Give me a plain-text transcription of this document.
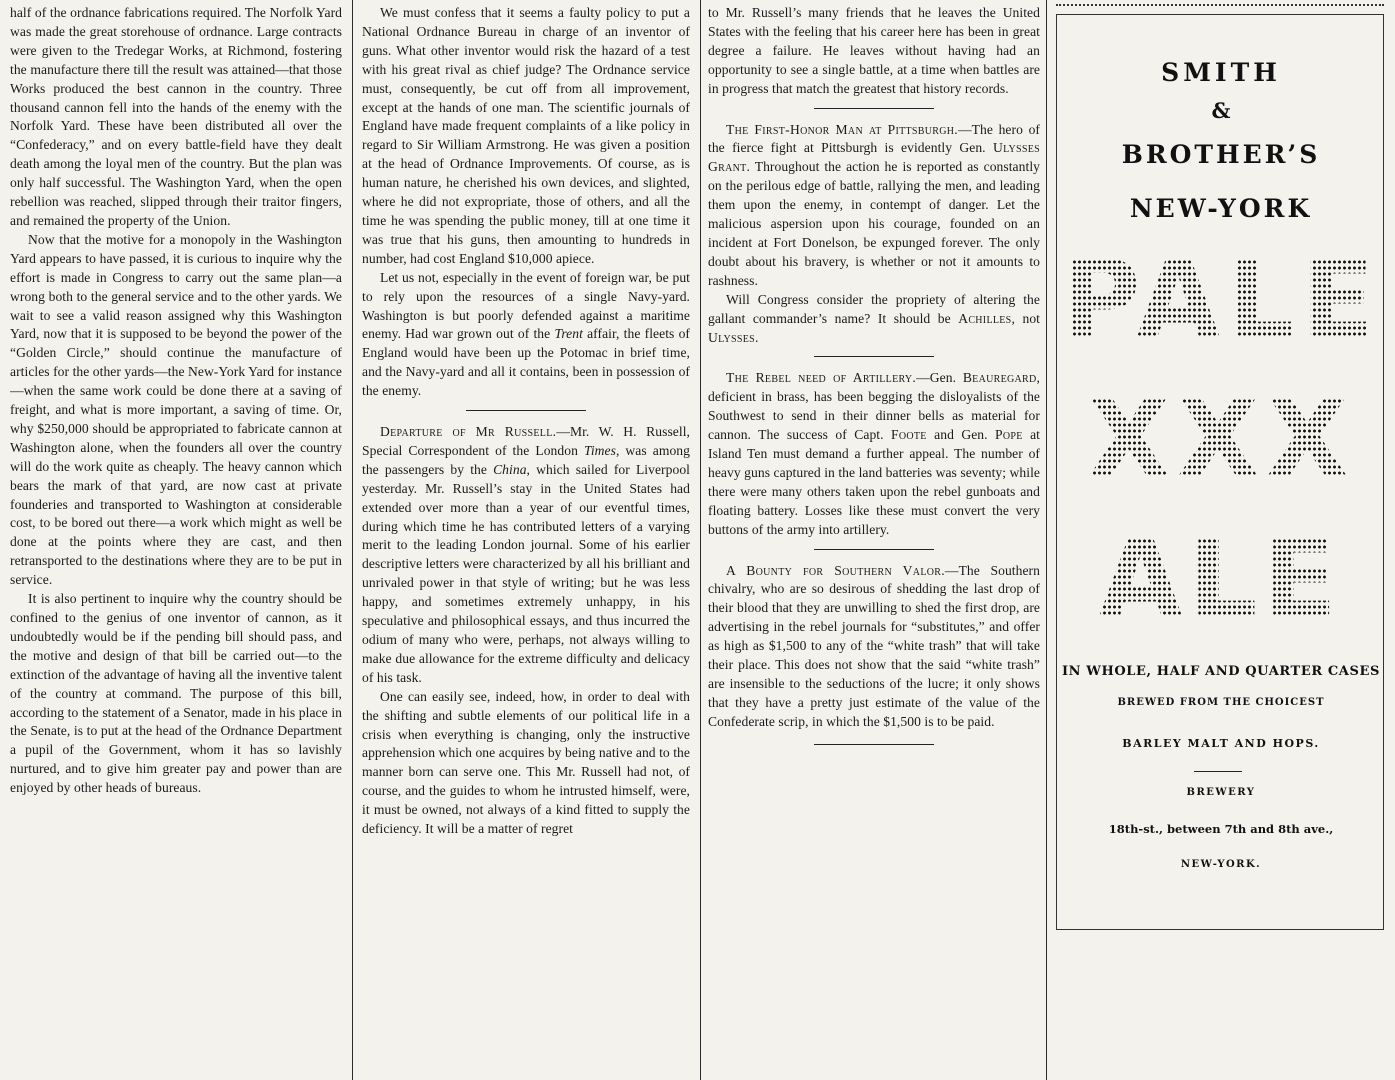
half of the ordnance fabrications required. The Norfolk Yard was made the great storehouse of ordnance. Large contracts were given to the Tredegar Works, at Richmond, fostering the manufacture there till the result was attained—that those Works produced the best cannon in the country. Three thousand cannon fell into the hands of the enemy with the Norfolk Yard. These have been distributed all over the “Confederacy,” and on every battle-field have they dealt death among the loyal men of the country. But the plan was only half successful. The Washington Yard, when the open rebellion was reached, slipped through their traitor fingers, and remained the property of the Union.

Now that the motive for a monopoly in the Washington Yard appears to have passed, it is curious to inquire why the effort is made in Congress to carry out the same plan—a wrong both to the general service and to the other yards. We wait to see a valid reason assigned why this Washington Yard, now that it is supposed to be beyond the power of the “Golden Circle,” should continue the manufacture of articles for the other yards—the New-York Yard for instance—when the same work could be done there at a saving of freight, and what is more important, a saving of time. Or, why $250,000 should be appropriated to fabricate cannon at Washington alone, when the founders all over the country will do the work quite as cheaply. The heavy cannon which bears the mark of that yard, are now cast at private founderies and transported to Washington at considerable cost, to be bored out there—a work which might as well be done at the points where they are cast, and then retransported to the destinations where they are to be put in service.

It is also pertinent to inquire why the country should be confined to the genius of one inventor of cannon, as it undoubtedly would be if the pending bill should pass, and the motive and design of that bill be carried out—to the extinction of the advantage of having all the inventive talent of the country at command. The purpose of this bill, according to the statement of a Senator, made in his place in the Senate, is to put at the head of the Ordnance Department a pupil of the Government, whom it has so lavishly nurtured, and to give him greater pay and power than are enjoyed by other heads of bureaus.

We must confess that it seems a faulty policy to put a National Ordnance Bureau in charge of an inventor of guns. What other inventor would risk the hazard of a test with his great rival as chief judge? The Ordnance service must, consequently, be cut off from all improvement, except at the hands of one man. The scientific journals of England have made frequent complaints of a like policy in regard to Sir William Armstrong. He was given a position at the head of Ordnance Improvements. Of course, as is human nature, he cherished his own devices, and slighted, where he did not expropriate, those of others, and all the time he was spending the public money, till at one time it was true that his guns, then amounting to hundreds in number, had cost England $10,000 apiece.

Let us not, especially in the event of foreign war, be put to rely upon the resources of a single Navy-yard. Washington is but poorly defended against a maritime enemy. Had war grown out of the Trent affair, the fleets of England would have been up the Potomac in brief time, and the Navy-yard and all it contains, been in possession of the enemy.

Departure of Mr Russell.—Mr. W. H. Russell, Special Correspondent of the London Times, was among the passengers by the China, which sailed for Liverpool yesterday. Mr. Russell’s stay in the United States had extended over more than a year of our eventful times, during which time he has contributed letters of a varying merit to the leading London journal. Some of his earlier descriptive letters were characterized by all his brilliant and unrivaled power in that style of writing; but he was less happy, and sometimes extremely unhappy, in his speculative and philosophical essays, and thus incurred the odium of many who were, perhaps, not always willing to make due allowance for the extreme difficulty and delicacy of his task.

One can easily see, indeed, how, in order to deal with the shifting and subtle elements of our political life in a crisis when everything is changing, only the instructive apprehension which one acquires by being native and to the manner born can serve one. This Mr. Russell had not, of course, and the guides to whom he intrusted himself, were, it must be owned, not always of a kind fitted to supply the deficiency. It will be a matter of regret

to Mr. Russell’s many friends that he leaves the United States with the feeling that his career here has been in great degree a failure. He leaves without having had an opportunity to see a single battle, at a time when battles are in progress that match the greatest that history records.

The First-Honor Man at Pittsburgh.—The hero of the fierce fight at Pittsburgh is evidently Gen. Ulysses Grant. Throughout the action he is reported as constantly on the perilous edge of battle, rallying the men, and leading them upon the enemy, in contempt of danger. Let the malicious aspersion upon his courage, founded on an incident at Fort Donelson, be expunged forever. The only doubt about his bravery, is whether or not it amounts to rashness.

Will Congress consider the propriety of altering the gallant commander’s name? It should be Achilles, not Ulysses.

The Rebel need of Artillery.—Gen. Beauregard, deficient in brass, has been begging the disloyalists of the Southwest to send in their dinner bells as material for cannon. The success of Capt. Foote and Gen. Pope at Island Ten must demand a further appeal. The number of heavy guns captured in the land batteries was seventy; while there were many others taken upon the rebel gunboats and floating battery. Losses like these must convert the very buttons of the army into artillery.

A Bounty for Southern Valor.—The Southern chivalry, who are so desirous of shedding the last drop of their blood that they are unwilling to shed the first drop, are advertising in the rebel journals for “substitutes,” and offer as high as $1,500 to any of the “white trash” that will take their place. This does not show that the said “white trash” are insensible to the seductions of the lucre; it only shows that they have a pretty just estimate of the value of the Confederate scrip, in which the $1,500 is to be paid.

SMITH
&
BROTHER’S
NEW-YORK
PALE
XXX
ALE
IN WHOLE, HALF AND QUARTER CASES
BREWED FROM THE CHOICEST
BARLEY MALT AND HOPS.
BREWERY
18th-st., between 7th and 8th ave.,
NEW-YORK.
